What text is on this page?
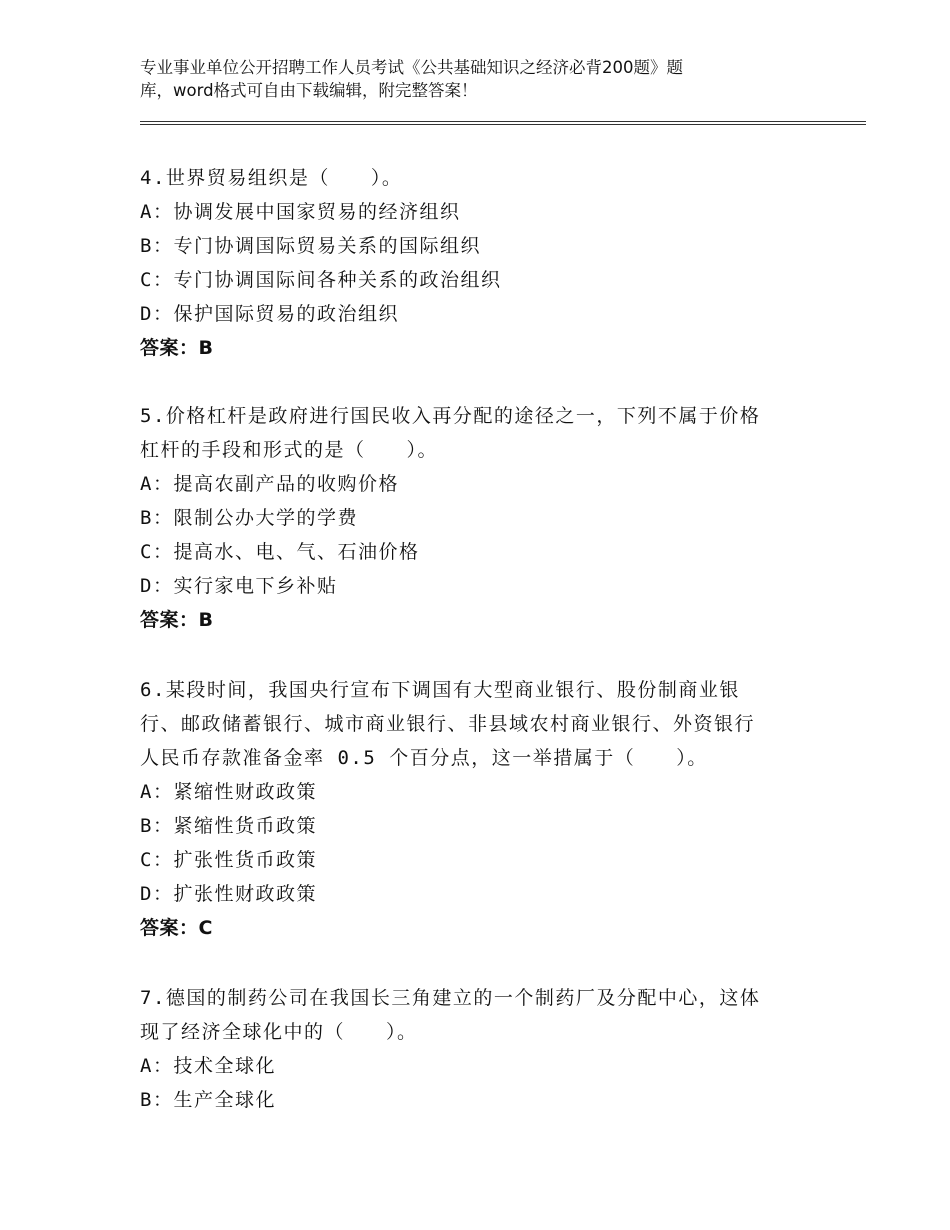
专业事业单位公开招聘工作人员考试《公共基础知识之经济必背200题》题
库，word格式可自由下载编辑，附完整答案！
4.世界贸易组织是（　　）。
A：协调发展中国家贸易的经济组织
B：专门协调国际贸易关系的国际组织
C：专门协调国际间各种关系的政治组织
D：保护国际贸易的政治组织
答案：B
5.价格杠杆是政府进行国民收入再分配的途径之一，下列不属于价格
杠杆的手段和形式的是（　　）。
A：提高农副产品的收购价格
B：限制公办大学的学费
C：提高水、电、气、石油价格
D：实行家电下乡补贴
答案：B
6.某段时间，我国央行宣布下调国有大型商业银行、股份制商业银
行、邮政储蓄银行、城市商业银行、非县域农村商业银行、外资银行
人民币存款准备金率 0.5 个百分点，这一举措属于（　　）。
A：紧缩性财政政策
B：紧缩性货币政策
C：扩张性货币政策
D：扩张性财政政策
答案：C
7.德国的制药公司在我国长三角建立的一个制药厂及分配中心，这体
现了经济全球化中的（　　）。
A：技术全球化
B：生产全球化
